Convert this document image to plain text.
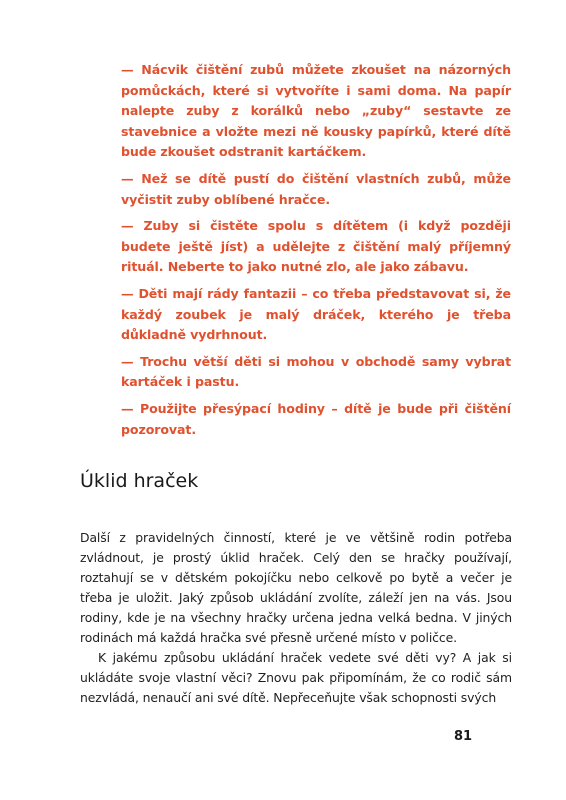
— Nácvik čištění zubů můžete zkoušet na názorných pomůckách, které si vytvoříte i sami doma. Na papír nalepte zuby z korálků nebo „zuby“ sestavte ze stavebnice a vložte mezi ně kousky papírků, které dítě bude zkoušet odstranit kartáčkem.
— Než se dítě pustí do čištění vlastních zubů, může vyčistit zuby oblíbené hračce.
— Zuby si čistěte spolu s dítětem (i když později budete ještě jíst) a udělejte z čištění malý příjemný rituál. Neberte to jako nutné zlo, ale jako zábavu.
— Děti mají rády fantazii – co třeba představovat si, že každý zoubek je malý dráček, kterého je třeba důkladně vydrhnout.
— Trochu větší děti si mohou v obchodě samy vybrat kartáček i pastu.
— Použijte přesýpací hodiny – dítě je bude při čištění pozorovat.
Úklid hraček

Další z pravidelných činností, které je ve většině rodin potřeba zvládnout, je prostý úklid hraček. Celý den se hračky používají, roztahují se v dětském pokojíčku nebo celkově po bytě a večer je třeba je uložit. Jaký způsob ukládání zvolíte, záleží jen na vás. Jsou rodiny, kde je na všechny hračky určena jedna velká bedna. V jiných rodinách má každá hračka své přesně určené místo v poličce.

K jakému způsobu ukládání hraček vedete své děti vy? A jak si ukládáte svoje vlastní věci? Znovu pak připomínám, že co rodič sám nezvládá, nenaučí ani své dítě. Nepřeceňujte však schopnosti svých

81
